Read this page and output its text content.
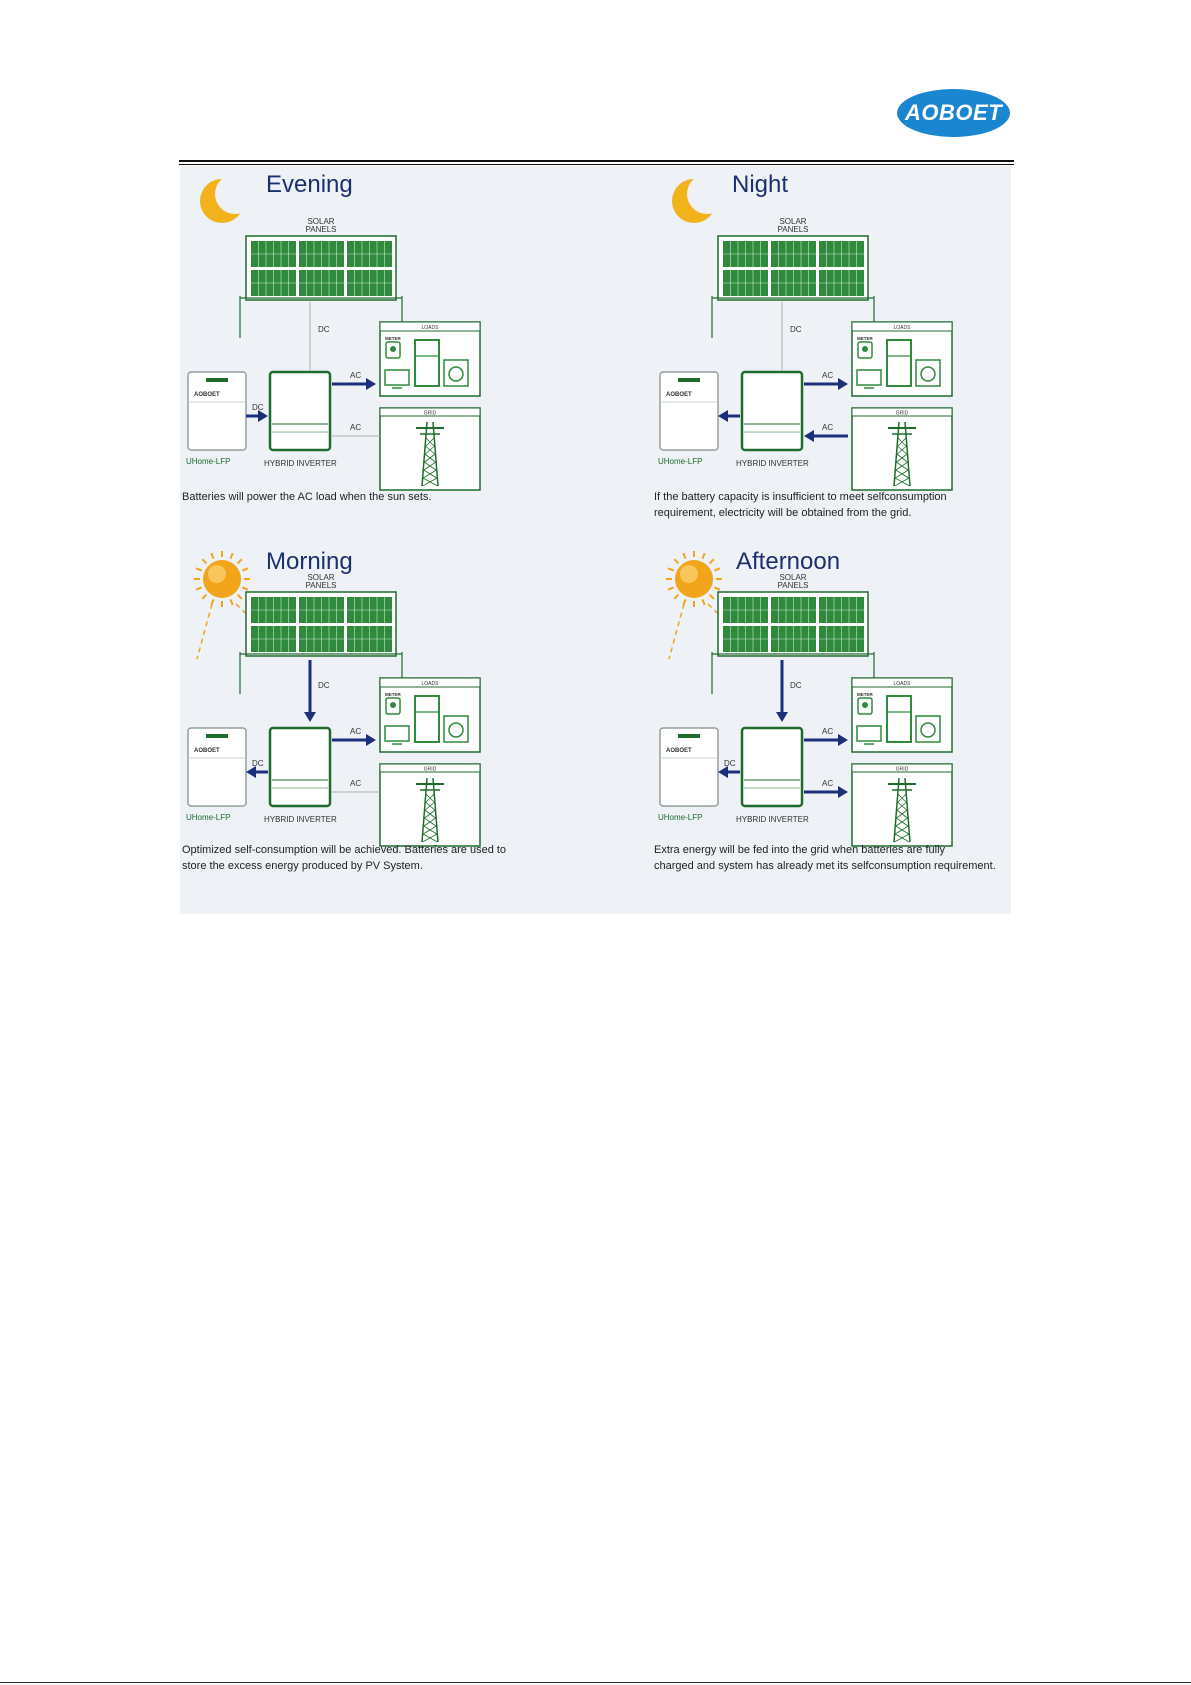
AOBOET
Evening
SOLAR
PANELS
DC
AOBOET
UHome-LFP	HYBRID INVERTER
DC
LOADS
METER
GRID
AC
AC
Batteries will power the AC load when the sun sets.
Night
SOLAR
PANELS
DC
AOBOET
UHome-LFP	HYBRID INVERTER
LOADS
METER
GRID
AC
AC
If the battery capacity is insufficient to meet selfconsumption
requirement, electricity will be obtained from the grid.
Morning
SOLAR
PANELS
DC
AOBOET
UHome-LFP	HYBRID INVERTER
DC
LOADS
METER
GRID
AC
AC
Optimized self-consumption will be achieved. Batteries are used to
store the excess energy produced by PV System.
Afternoon
SOLAR
PANELS
DC
AOBOET
UHome-LFP	HYBRID INVERTER
DC
LOADS
METER
GRID
AC
AC
Extra energy will be fed into the grid when batteries are fully
charged and system has already met its selfconsumption requirement.
